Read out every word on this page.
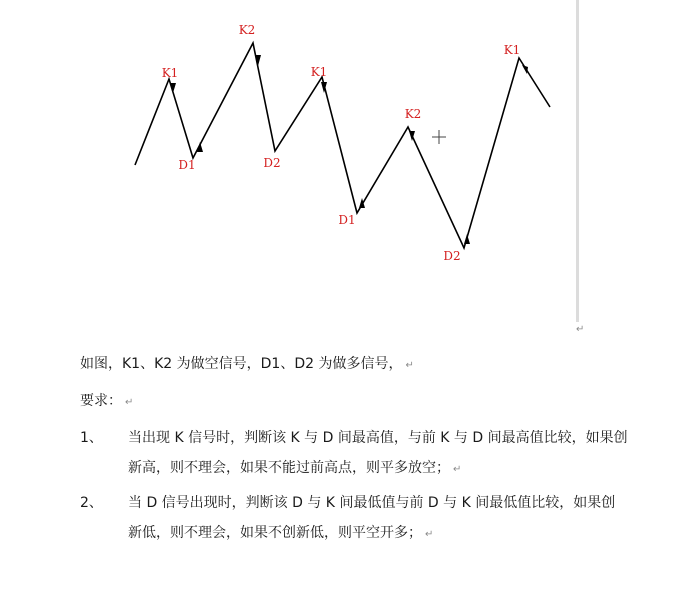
K1
K2
K1
K2
K1
D1	D2
D1
D2
↵
如图，K1、K2 为做空信号，D1、D2 为做多信号， ↵
要求： ↵
1、 当出现 K 信号时，判断该 K 与 D 间最高值，与前 K 与 D 间最高值比较，如果创

新高，则不理会，如果不能过前高点，则平多放空； ↵

2、 当 D 信号出现时，判断该 D 与 K 间最低值与前 D 与 K 间最低值比较，如果创

新低，则不理会，如果不创新低，则平空开多； ↵
